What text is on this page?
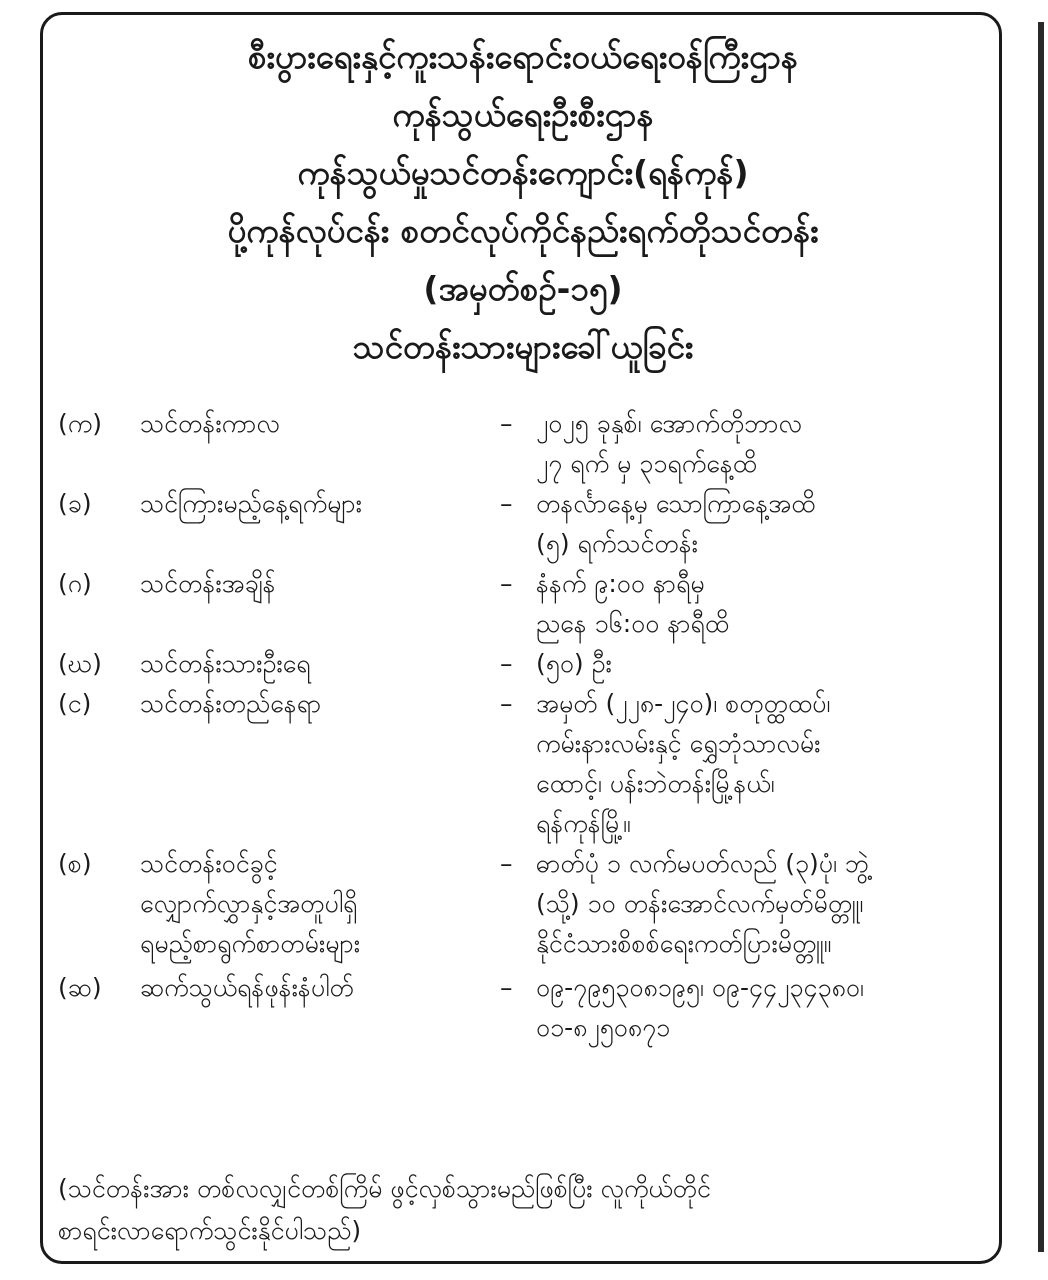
စီးပွားရေးနှင့်ကူးသန်းရောင်းဝယ်ရေးဝန်ကြီးဌာန
ကုန်သွယ်ရေးဦးစီးဌာန
ကုန်သွယ်မှုသင်တန်းကျောင်း(ရန်ကုန်)
ပို့ကုန်လုပ်ငန်း စတင်လုပ်ကိုင်နည်းရက်တိုသင်တန်း
(အမှတ်စဉ်-၁၅)
သင်တန်းသားများခေါ်ယူခြင်း
(က)	သင်တန်းကာလ	– ၂၀၂၅ ခုနှစ်၊ အောက်တိုဘာလ
၂၇ ရက် မှ ၃၁ရက်နေ့ထိ
(ခ)	သင်ကြားမည့်နေ့ရက်များ	– တနင်္လာနေ့မှ သောကြာနေ့အထိ
(၅) ရက်သင်တန်း
(ဂ)	သင်တန်းအချိန်	– နံနက် ၉:၀၀ နာရီမှ
ညနေ ၁၆:၀၀ နာရီထိ
(ဃ)	သင်တန်းသားဦးရေ	– (၅၀) ဦး
(င)	သင်တန်းတည်နေရာ	– အမှတ် (၂၂၈-၂၄၀)၊ စတုတ္ထထပ်၊
ကမ်းနားလမ်းနှင့် ရွှေဘုံသာလမ်း
ထောင့်၊ ပန်းဘဲတန်းမြို့နယ်၊
ရန်ကုန်မြို့။
(စ)	သင်တန်းဝင်ခွင့်
လျှောက်လွှာနှင့်အတူပါရှိ
ရမည့်စာရွက်စာတမ်းများ
– ဓာတ်ပုံ ၁ လက်မပတ်လည် (၃)ပုံ၊ ဘွဲ့
(သို့) ၁၀ တန်းအောင်လက်မှတ်မိတ္တူ၊
နိုင်ငံသားစိစစ်ရေးကတ်ပြားမိတ္တူ။
(ဆ)	ဆက်သွယ်ရန်ဖုန်းနံပါတ်	– ၀၉-၇၉၅၃၀၈၁၉၅၊ ၀၉-၄၄၂၃၄၃၈၀၊
၀၁-၈၂၅၀၈၇၁
(သင်တန်းအား တစ်လလျှင်တစ်ကြိမ် ဖွင့်လှစ်သွားမည်ဖြစ်ပြီး လူကိုယ်တိုင်
စာရင်းလာရောက်သွင်းနိုင်ပါသည်)
